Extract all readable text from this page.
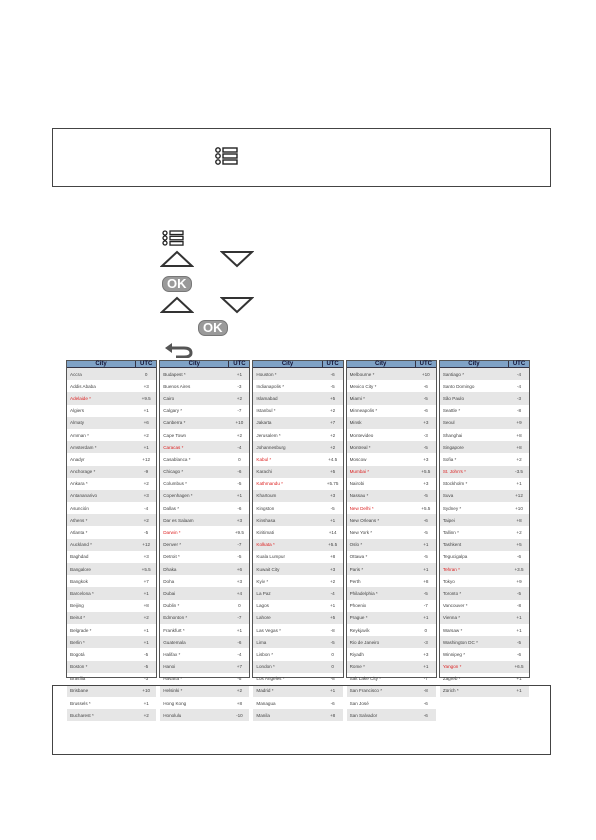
OK
OK
City	UTC
Accra	0
Addis Ababa	+3
Adelaide *	+9.5
Algiers	+1
Almaty	+6
Amman *	+2
Amsterdam *	+1
Anadyr	+12
Anchorage *	-9
Ankara *	+2
Antananarivo	+3
Asunción	-4
Athens *	+2
Atlanta *	-5
Auckland *	+12
Baghdad	+3
Bangalore	+5.5
Bangkok	+7
Barcelona *	+1
Beijing	+8
Beirut *	+2
Belgrade *	+1
Berlin *	+1
Bogotá	-5
Boston *	-5
Brasília	-3
Brisbane	+10
Brussels *	+1
Bucharest *	+2
City	UTC
Budapest *	+1
Buenos Aires	-3
Cairo	+2
Calgary *	-7
Canberra *	+10
Cape Town	+2
Caracas *	-4
Casablanca *	0
Chicago *	-6
Columbus *	-5
Copenhagen *	+1
Dallas *	-6
Dar es Salaam	+3
Darwin *	+9.5
Denver *	-7
Detroit *	-5
Dhaka	+6
Doha	+3
Dubai	+4
Dublin *	0
Edmonton *	-7
Frankfurt *	+1
Guatemala	-6
Halifax *	-4
Hanoi	+7
Havana *	-5
Helsinki *	+2
Hong Kong	+8
Honolulu	-10
City	UTC
Houston *	-6
Indianapolis *	-5
Islamabad	+5
Istanbul *	+2
Jakarta	+7
Jerusalem *	+2
Johannesburg	+2
Kabul *	+4.5
Karachi	+5
Kathmandu *	+5.75
Khartoum	+3
Kingston	-5
Kinshasa	+1
Kiritimati	+14
Kolkata *	+5.5
Kuala Lumpur	+8
Kuwait City	+3
Kyiv *	+2
La Paz	-4
Lagos	+1
Lahore	+5
Las Vegas *	-8
Lima	-5
Lisbon *	0
London *	0
Los Angeles *	-8
Madrid *	+1
Managua	-6
Manila	+8
City	UTC
Melbourne *	+10
Mexico City *	-6
Miami *	-5
Minneapolis *	-6
Minsk	+3
Montevideo	-3
Montreal *	-5
Moscow	+3
Mumbai *	+5.5
Nairobi	+3
Nassau *	-5
New Delhi *	+5.5
New Orleans *	-6
New York *	-5
Oslo *	+1
Ottawa *	-5
Paris *	+1
Perth	+8
Philadelphia *	-5
Phoenix	-7
Prague *	+1
Reykjavík	0
Rio de Janeiro	-3
Riyadh	+3
Rome *	+1
Salt Lake City *	-7
San Francisco *	-8
San José	-6
San Salvador	-6
City	UTC
Santiago *	-4
Santo Domingo	-4
São Paulo	-3
Seattle *	-8
Seoul	+9
Shanghai	+8
Singapore	+8
Sofia *	+2
St. John's *	-3.5
Stockholm *	+1
Suva	+12
Sydney *	+10
Taipei	+8
Tallinn *	+2
Tashkent	+5
Tegucigalpa	-6
Tehran *	+3.5
Tokyo	+9
Toronto *	-5
Vancouver *	-8
Vienna *	+1
Warsaw *	+1
Washington DC *	-5
Winnipeg *	-6
Yangon *	+6.5
Zagreb *	+1
Zürich *	+1
